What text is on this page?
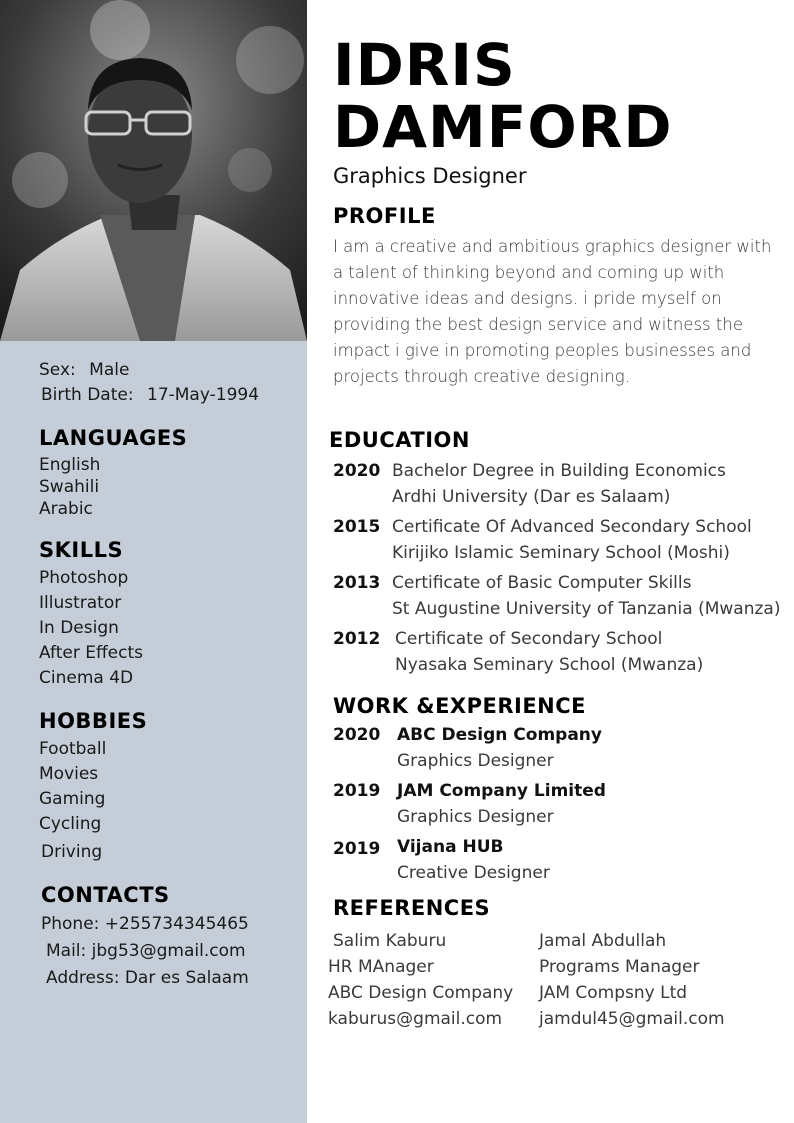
Sex: Male
Birth Date: 17-May-1994
LANGUAGES
English
Swahili
Arabic
SKILLS
Photoshop
Illustrator
In Design
After Effects
Cinema 4D
HOBBIES
Football
Movies
Gaming
Cycling
Driving
CONTACTS
Phone: +255734345465
Mail: jbg53@gmail.com
Address: Dar es Salaam
IDRIS
DAMFORD
Graphics Designer
PROFILE
I am a creative and ambitious graphics designer with a talent of thinking beyond and coming up with innovative ideas and designs. i pride myself on providing the best design service and witness the impact i give in promoting peoples businesses and projects through creative designing.
EDUCATION
2020 Bachelor Degree in Building Economics
Ardhi University (Dar es Salaam)
2015 Certificate Of Advanced Secondary School
Kirijiko Islamic Seminary School (Moshi)
2013 Certificate of Basic Computer Skills
St Augustine University of Tanzania (Mwanza)
2012 Certificate of Secondary School
Nyasaka Seminary School (Mwanza)
WORK &EXPERIENCE
2020 ABC Design Company
Graphics Designer
2019 JAM Company Limited
Graphics Designer
2019 Vijana HUB
Creative Designer
REFERENCES
Salim Kaburu
HR MAnager
ABC Design Company
kaburus@gmail.com
Jamal Abdullah
Programs Manager
JAM Compsny Ltd
jamdul45@gmail.com
